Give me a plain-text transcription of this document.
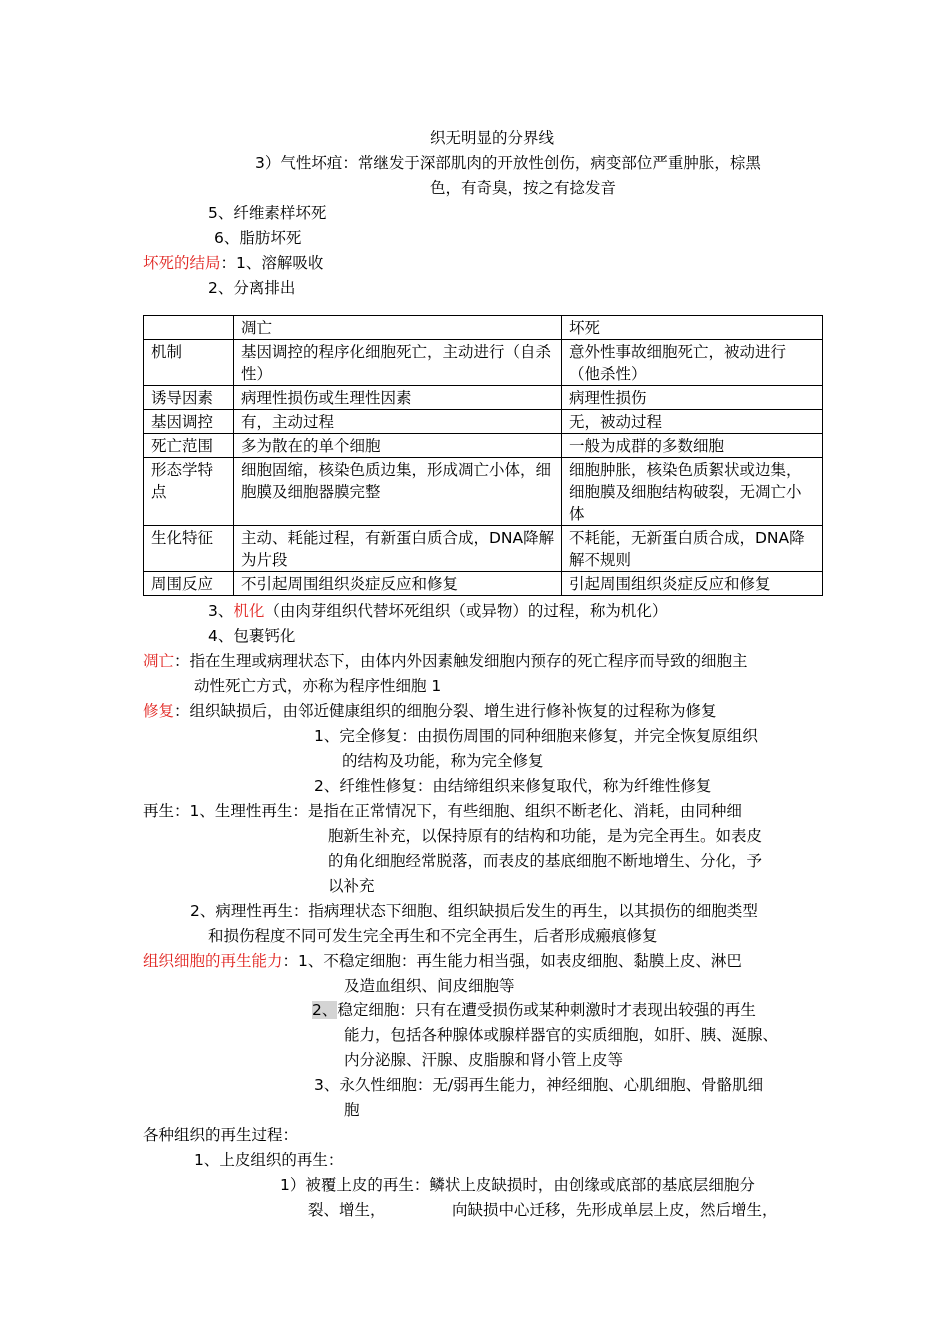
织无明显的分界线
3）气性坏疽：常继发于深部肌肉的开放性创伤，病变部位严重肿胀，棕黑
色，有奇臭，按之有捻发音
5、纤维素样坏死
6、脂肪坏死
坏死的结局：1、溶解吸收
2、分离排出
	凋亡	坏死
机制	基因调控的程序化细胞死亡，主动进行（自杀性）	意外性事故细胞死亡，被动进行（他杀性）
诱导因素	病理性损伤或生理性因素	病理性损伤
基因调控	有，主动过程	无，被动过程
死亡范围	多为散在的单个细胞	一般为成群的多数细胞
形态学特点	细胞固缩，核染色质边集，形成凋亡小体，细胞膜及细胞器膜完整	细胞肿胀，核染色质絮状或边集，细胞膜及细胞结构破裂，无凋亡小体
生化特征	主动、耗能过程，有新蛋白质合成，DNA降解为片段	不耗能，无新蛋白质合成，DNA降解不规则
周围反应	不引起周围组织炎症反应和修复	引起周围组织炎症反应和修复
3、机化（由肉芽组织代替坏死组织（或异物）的过程，称为机化）
4、包裹钙化
凋亡：指在生理或病理状态下，由体内外因素触发细胞内预存的死亡程序而导致的细胞主
动性死亡方式，亦称为程序性细胞 1
修复：组织缺损后，由邻近健康组织的细胞分裂、增生进行修补恢复的过程称为修复
1、完全修复：由损伤周围的同种细胞来修复，并完全恢复原组织
的结构及功能，称为完全修复
2、纤维性修复：由结缔组织来修复取代，称为纤维性修复
再生：1、生理性再生：是指在正常情况下，有些细胞、组织不断老化、消耗，由同种细
胞新生补充，以保持原有的结构和功能，是为完全再生。如表皮
的角化细胞经常脱落，而表皮的基底细胞不断地增生、分化，予
以补充
2、病理性再生：指病理状态下细胞、组织缺损后发生的再生，以其损伤的细胞类型
和损伤程度不同可发生完全再生和不完全再生，后者形成瘢痕修复
组织细胞的再生能力：1、不稳定细胞：再生能力相当强，如表皮细胞、黏膜上皮、淋巴
及造血组织、间皮细胞等
2、稳定细胞：只有在遭受损伤或某种刺激时才表现出较强的再生
能力，包括各种腺体或腺样器官的实质细胞，如肝、胰、涎腺、
内分泌腺、汗腺、皮脂腺和肾小管上皮等
3、永久性细胞：无/弱再生能力，神经细胞、心肌细胞、骨骼肌细
胞
各种组织的再生过程：
1、上皮组织的再生：
1）被覆上皮的再生：鳞状上皮缺损时，由创缘或底部的基底层细胞分
裂、增生，	向缺损中心迁移，先形成单层上皮，然后增生，
